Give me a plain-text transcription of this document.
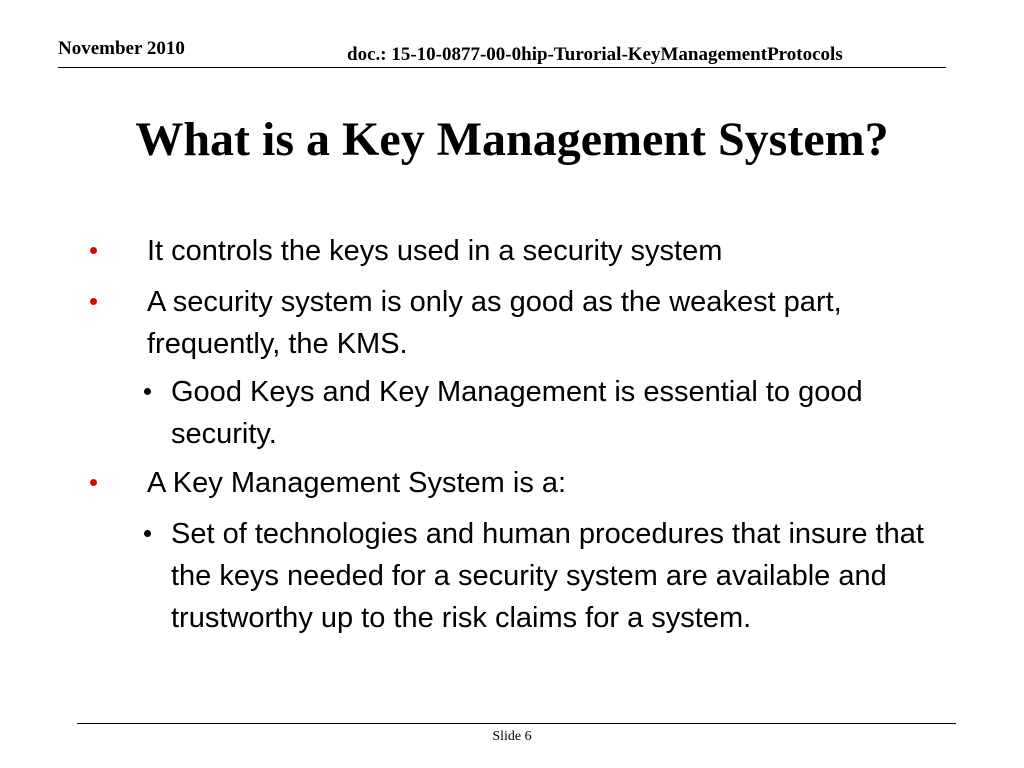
November 2010	doc.: 15-10-0877-00-0hip-Turorial-KeyManagementProtocols
What is a Key Management System?
It controls the keys used in a security system
A security system is only as good as the weakest part, frequently, the KMS.
Good Keys and Key Management is essential to good security.
A Key Management System is a:
Set of technologies and human procedures that insure that the keys needed for a security system are available and trustworthy up to the risk claims for a system.
Slide 6
